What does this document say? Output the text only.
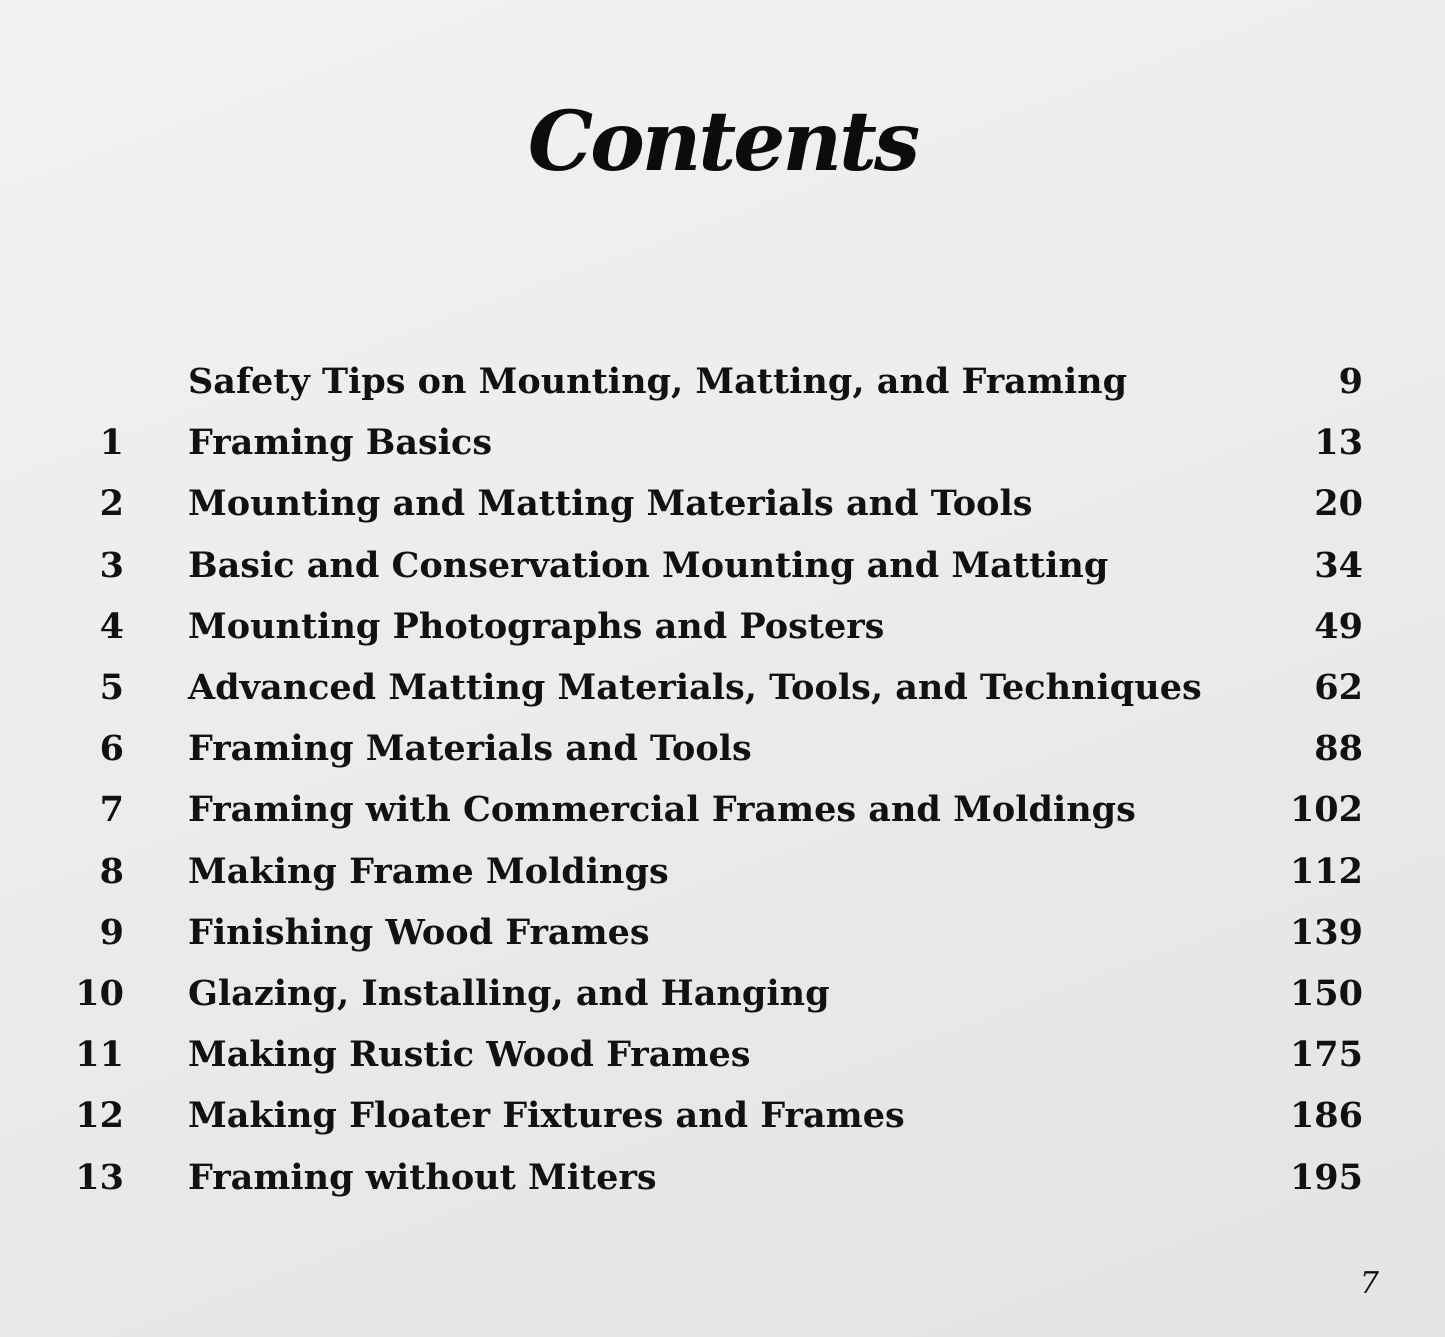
Contents
Safety Tips on Mounting, Matting, and Framing	9
1 Framing Basics	13
2 Mounting and Matting Materials and Tools	20
3 Basic and Conservation Mounting and Matting	34
4 Mounting Photographs and Posters	49
5 Advanced Matting Materials, Tools, and Techniques	62
6 Framing Materials and Tools	88
7 Framing with Commercial Frames and Moldings	102
8 Making Frame Moldings	112
9 Finishing Wood Frames	139
10 Glazing, Installing, and Hanging	150
11 Making Rustic Wood Frames	175
12 Making Floater Fixtures and Frames	186
13 Framing without Miters	195
7
